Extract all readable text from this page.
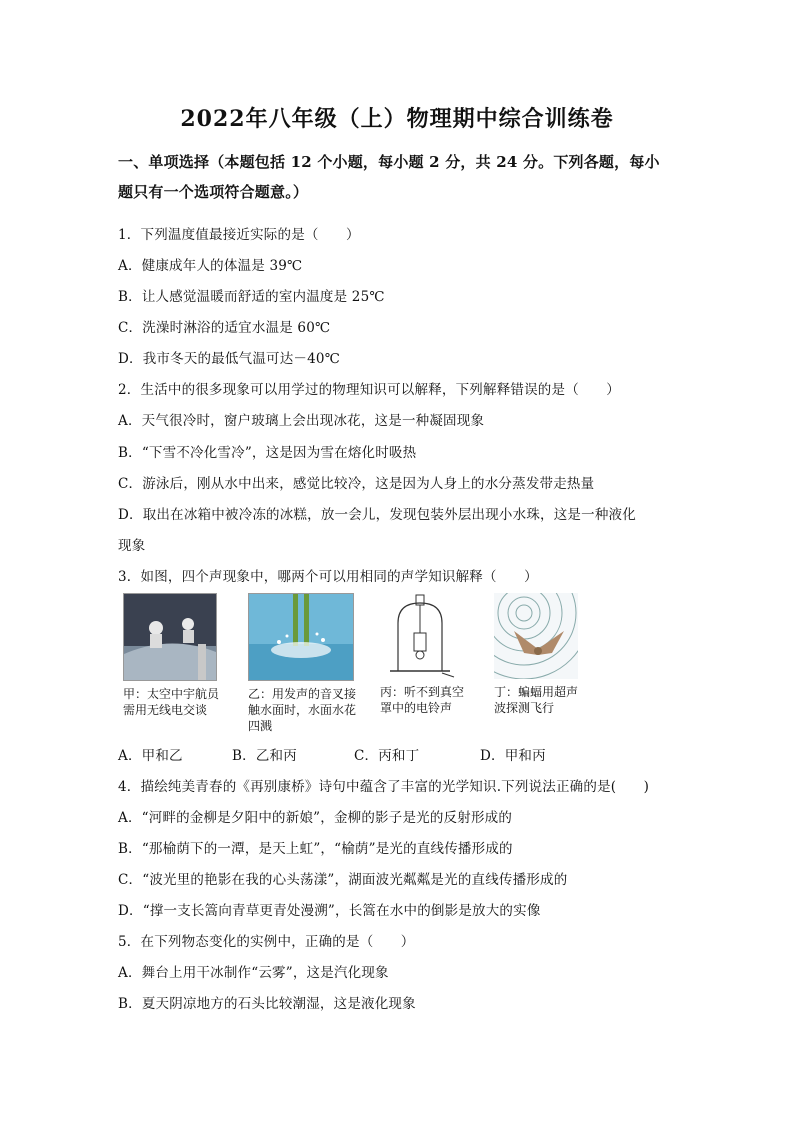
2022年八年级（上）物理期中综合训练卷
一、单项选择（本题包括 12 个小题，每小题 2 分，共 24 分。下列各题，每小
题只有一个选项符合题意。）
1．下列温度值最接近实际的是（　　）
A．健康成年人的体温是 39℃
B．让人感觉温暖而舒适的室内温度是 25℃
C．洗澡时淋浴的适宜水温是 60℃
D．我市冬天的最低气温可达－40℃
2．生活中的很多现象可以用学过的物理知识可以解释，下列解释错误的是（　　）
A．天气很冷时，窗户玻璃上会出现冰花，这是一种凝固现象
B．“下雪不冷化雪冷”，这是因为雪在熔化时吸热
C．游泳后，刚从水中出来，感觉比较冷，这是因为人身上的水分蒸发带走热量
D．取出在冰箱中被冷冻的冰糕，放一会儿，发现包装外层出现小水珠，这是一种液化
现象
3．如图，四个声现象中，哪两个可以用相同的声学知识解释（　　）
甲：太空中宇航员
需用无线电交谈
乙：用发声的音叉接
触水面时，水面水花
四溅
丙：听不到真空
罩中的电铃声
丁：蝙蝠用超声
波探测飞行
A．甲和乙	B．乙和丙	C．丙和丁	D．甲和丙
4．描绘纯美青春的《再别康桥》诗句中蕴含了丰富的光学知识.下列说法正确的是(　　)
A．“河畔的金柳是夕阳中的新娘”，金柳的影子是光的反射形成的
B．“那榆荫下的一潭，是天上虹”，“榆荫”是光的直线传播形成的
C．“波光里的艳影在我的心头荡漾”，湖面波光粼粼是光的直线传播形成的
D．“撑一支长篙向青草更青处漫溯”，长篙在水中的倒影是放大的实像
5．在下列物态变化的实例中，正确的是（　　）
A．舞台上用干冰制作“云雾”，这是汽化现象
B．夏天阴凉地方的石头比较潮湿，这是液化现象
